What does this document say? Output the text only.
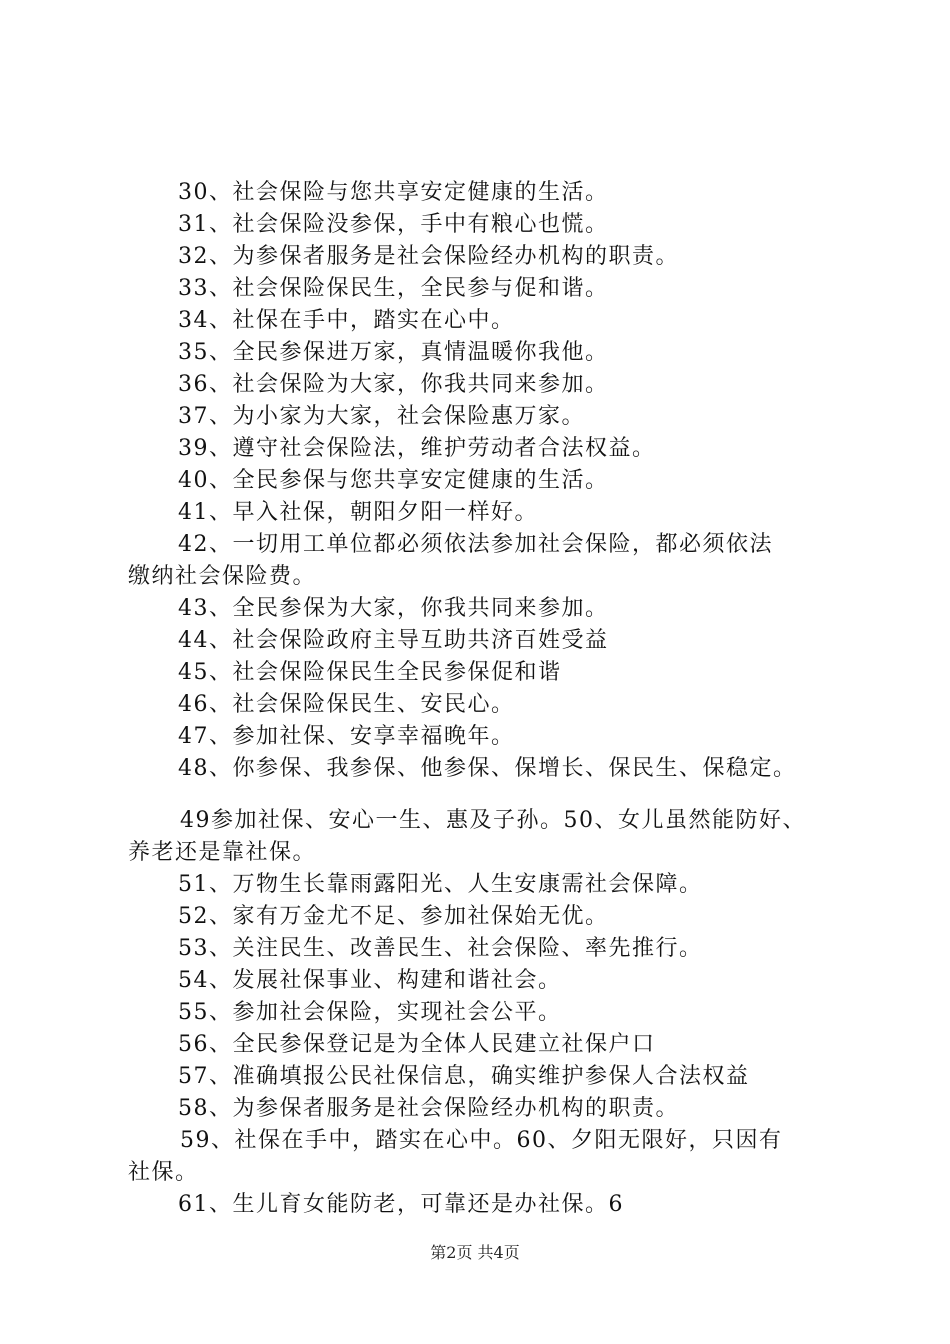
30、社会保险与您共享安定健康的生活。
31、社会保险没参保，手中有粮心也慌。
32、为参保者服务是社会保险经办机构的职责。
33、社会保险保民生，全民参与促和谐。
34、社保在手中，踏实在心中。
35、全民参保进万家，真情温暖你我他。
36、社会保险为大家，你我共同来参加。
37、为小家为大家，社会保险惠万家。
39、遵守社会保险法，维护劳动者合法权益。
40、全民参保与您共享安定健康的生活。
41、早入社保，朝阳夕阳一样好。
42、一切用工单位都必须依法参加社会保险，都必须依法
缴纳社会保险费。
43、全民参保为大家，你我共同来参加。
44、社会保险政府主导互助共济百姓受益
45、社会保险保民生全民参保促和谐
46、社会保险保民生、安民心。
47、参加社保、安享幸福晚年。
48、你参保、我参保、他参保、保增长、保民生、保稳定。
49参加社保、安心一生、惠及子孙。50、女儿虽然能防好、
养老还是靠社保。
51、万物生长靠雨露阳光、人生安康需社会保障。
52、家有万金尤不足、参加社保始无优。
53、关注民生、改善民生、社会保险、率先推行。
54、发展社保事业、构建和谐社会。
55、参加社会保险，实现社会公平。
56、全民参保登记是为全体人民建立社保户口
57、准确填报公民社保信息，确实维护参保人合法权益
58、为参保者服务是社会保险经办机构的职责。
59、社保在手中，踏实在心中。60、夕阳无限好，只因有
社保。
61、生儿育女能防老，可靠还是办社保。6
第2页 共4页
